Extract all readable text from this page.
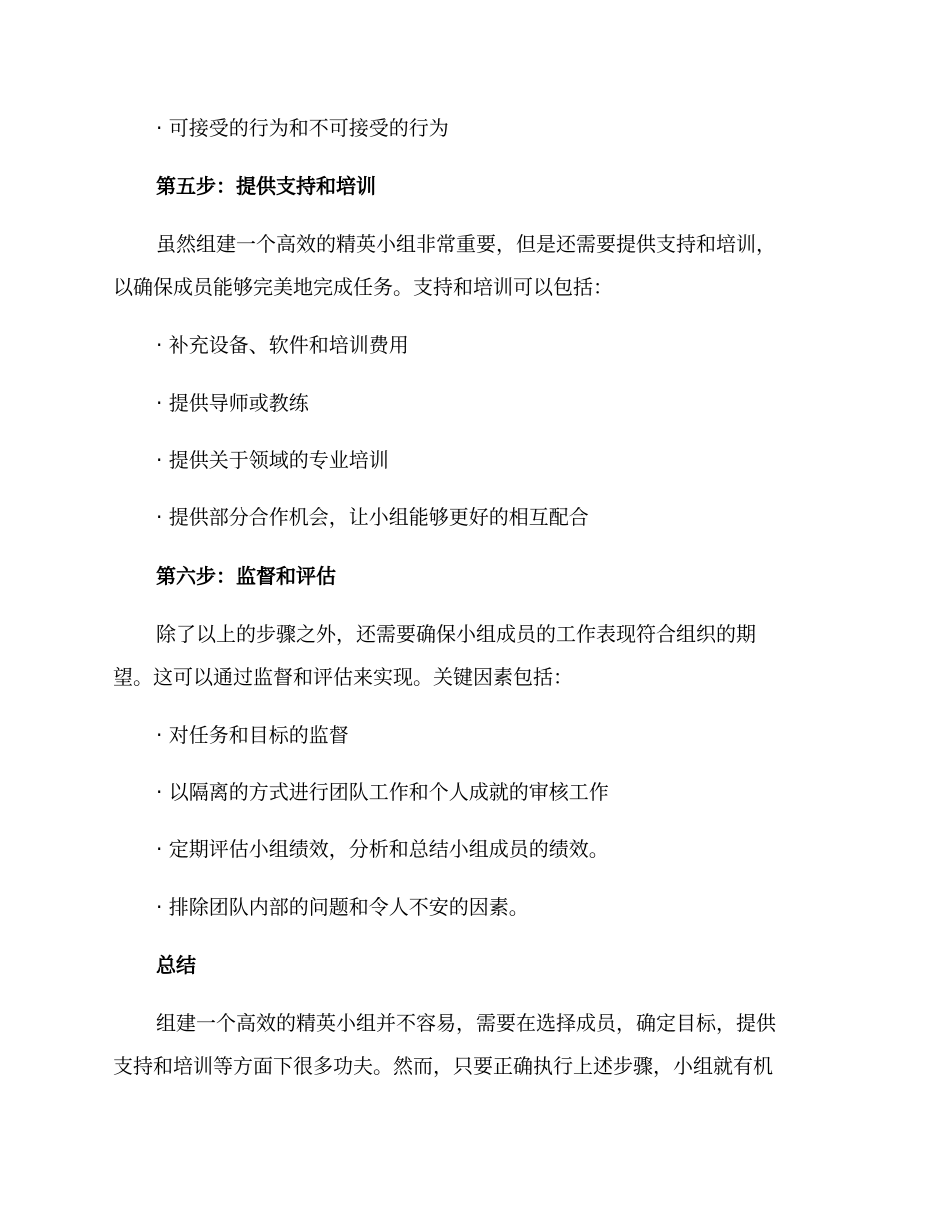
· 可接受的行为和不可接受的行为
第五步：提供支持和培训
虽然组建一个高效的精英小组非常重要，但是还需要提供支持和培训，
以确保成员能够完美地完成任务。支持和培训可以包括：
· 补充设备、软件和培训费用
· 提供导师或教练
· 提供关于领域的专业培训
· 提供部分合作机会，让小组能够更好的相互配合
第六步：监督和评估
除了以上的步骤之外，还需要确保小组成员的工作表现符合组织的期
望。这可以通过监督和评估来实现。关键因素包括：
· 对任务和目标的监督
· 以隔离的方式进行团队工作和个人成就的审核工作
· 定期评估小组绩效，分析和总结小组成员的绩效。
· 排除团队内部的问题和令人不安的因素。
总结
组建一个高效的精英小组并不容易，需要在选择成员，确定目标，提供
支持和培训等方面下很多功夫。然而，只要正确执行上述步骤，小组就有机
